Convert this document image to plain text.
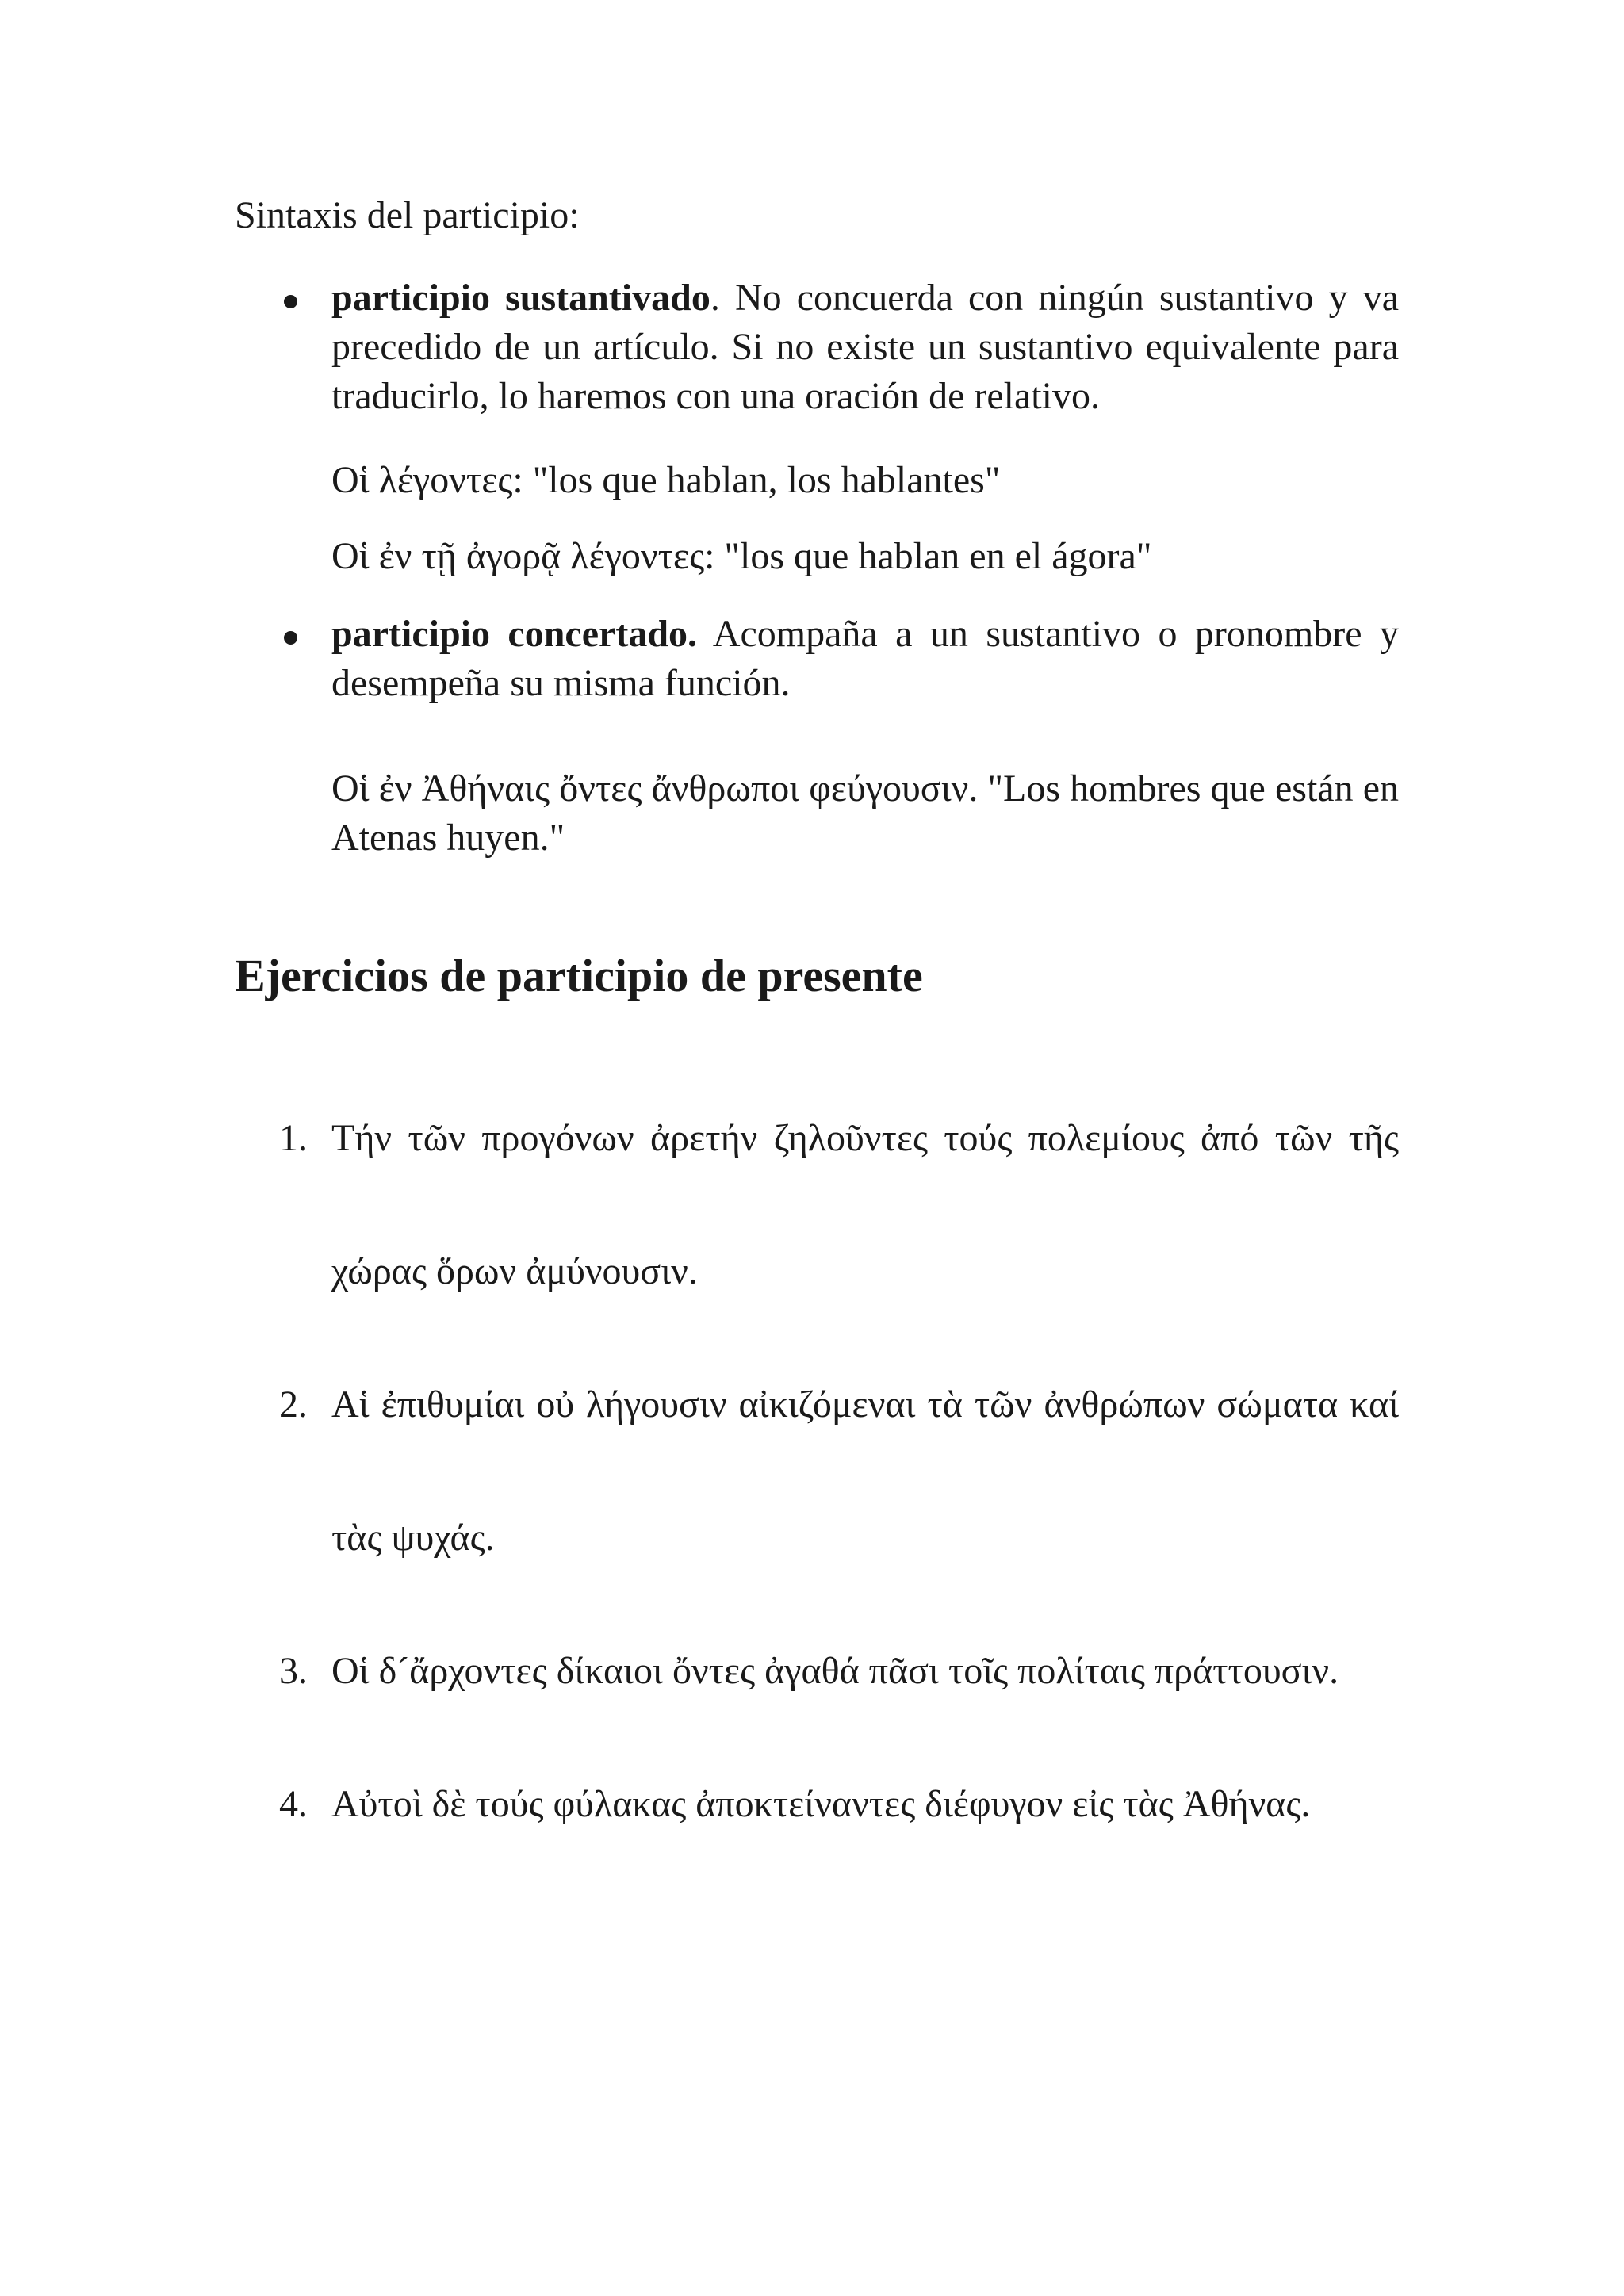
Sintaxis del participio:

participio sustantivado. No concuerda con ningún sustantivo y va precedido de un artículo. Si no existe un sustantivo equivalente para traducirlo, lo haremos con una oración de relativo.

Oἱ λέγοντες: "los que hablan, los hablantes"

Oἱ ἐν τῇ ἀγορᾷ λέγοντες: "los que hablan en el ágora"

participio concertado. Acompaña a un sustantivo o pronombre y desempeña su misma función.

Oἱ ἐν Ἀθήναις ὄντες ἄνθρωποι φεύγουσιν. "Los hombres que están en Atenas huyen."

Ejercicios de participio de presente

1. Tήν τῶν προγόνων ἀρετήν ζηλοῦντες τούς πολεμίους ἀπό τῶν τῆς

χώρας ὅρων ἀμύνουσιν.

2. Aἱ ἐπιθυμίαι οὐ λήγουσιν αἰκιζόμεναι τὰ τῶν ἀνθρώπων σώματα καί

τὰς ψυχάς.

3. Oἱ δ´ἄρχοντες δίκαιοι ὄντες ἀγαθά πᾶσι τοῖς πολίταις πράττουσιν.

4. Aὐτοὶ δὲ τούς φύλακας ἀποκτείναντες διέφυγον εἰς τὰς Ἀθήνας.
